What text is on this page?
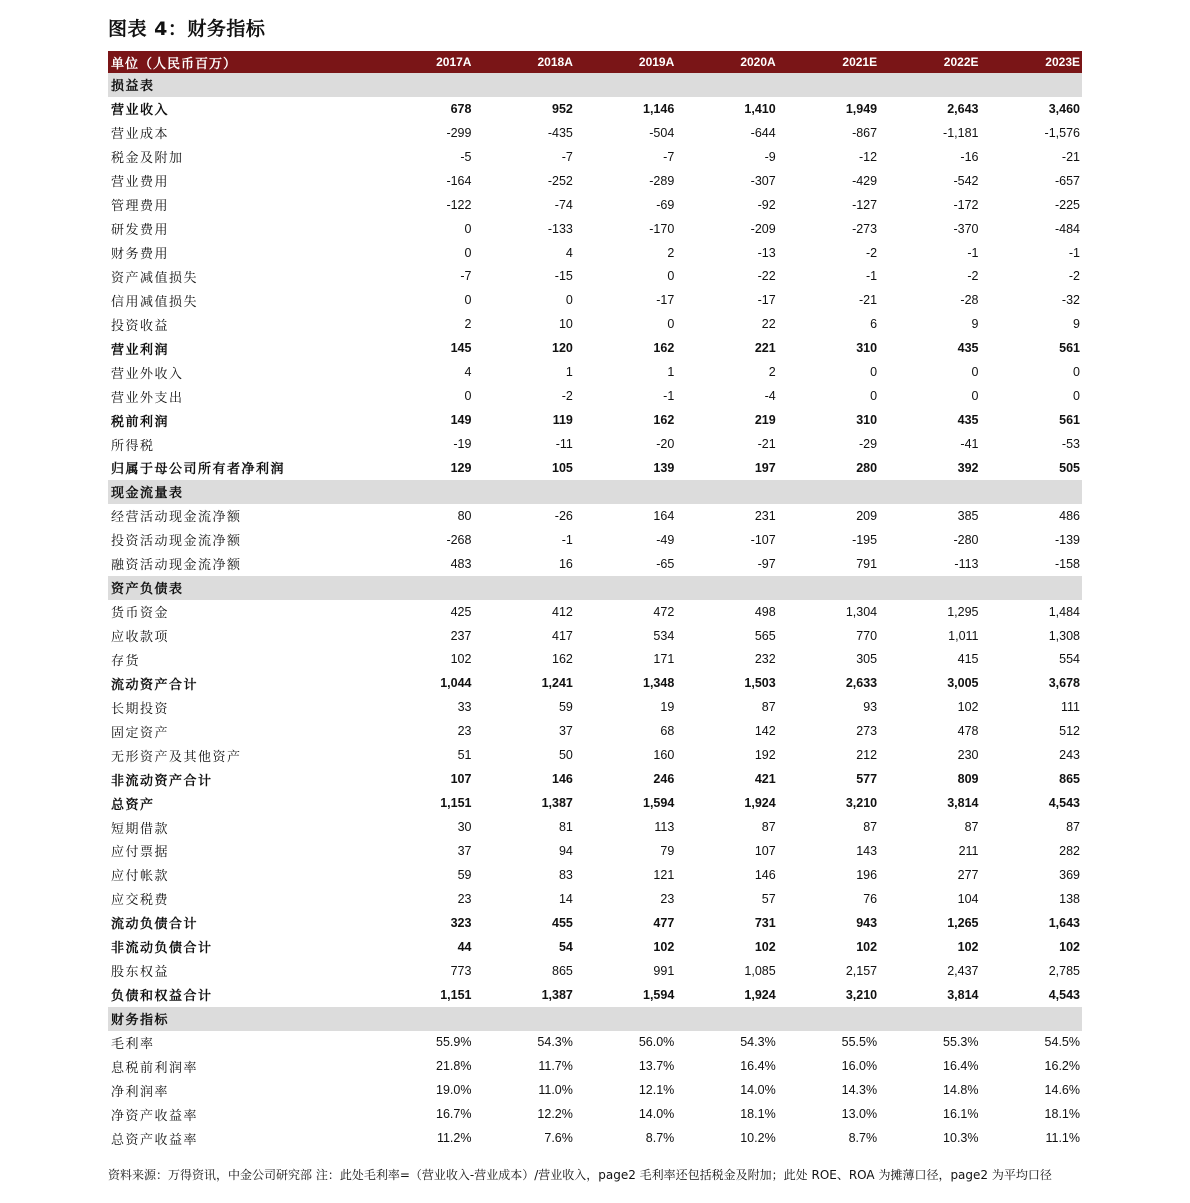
图表 4：财务指标
单位（人民币百万）	2017A	2018A	2019A	2020A	2021E	2022E	2023E
损益表							
营业收入	678	952	1,146	1,410	1,949	2,643	3,460
营业成本	-299	-435	-504	-644	-867	-1,181	-1,576
税金及附加	-5	-7	-7	-9	-12	-16	-21
营业费用	-164	-252	-289	-307	-429	-542	-657
管理费用	-122	-74	-69	-92	-127	-172	-225
研发费用	0	-133	-170	-209	-273	-370	-484
财务费用	0	4	2	-13	-2	-1	-1
资产减值损失	-7	-15	0	-22	-1	-2	-2
信用减值损失	0	0	-17	-17	-21	-28	-32
投资收益	2	10	0	22	6	9	9
营业利润	145	120	162	221	310	435	561
营业外收入	4	1	1	2	0	0	0
营业外支出	0	-2	-1	-4	0	0	0
税前利润	149	119	162	219	310	435	561
所得税	-19	-11	-20	-21	-29	-41	-53
归属于母公司所有者净利润	129	105	139	197	280	392	505
现金流量表							
经营活动现金流净额	80	-26	164	231	209	385	486
投资活动现金流净额	-268	-1	-49	-107	-195	-280	-139
融资活动现金流净额	483	16	-65	-97	791	-113	-158
资产负债表							
货币资金	425	412	472	498	1,304	1,295	1,484
应收款项	237	417	534	565	770	1,011	1,308
存货	102	162	171	232	305	415	554
流动资产合计	1,044	1,241	1,348	1,503	2,633	3,005	3,678
长期投资	33	59	19	87	93	102	111
固定资产	23	37	68	142	273	478	512
无形资产及其他资产	51	50	160	192	212	230	243
非流动资产合计	107	146	246	421	577	809	865
总资产	1,151	1,387	1,594	1,924	3,210	3,814	4,543
短期借款	30	81	113	87	87	87	87
应付票据	37	94	79	107	143	211	282
应付帐款	59	83	121	146	196	277	369
应交税费	23	14	23	57	76	104	138
流动负债合计	323	455	477	731	943	1,265	1,643
非流动负债合计	44	54	102	102	102	102	102
股东权益	773	865	991	1,085	2,157	2,437	2,785
负债和权益合计	1,151	1,387	1,594	1,924	3,210	3,814	4,543
财务指标							
毛利率	55.9%	54.3%	56.0%	54.3%	55.5%	55.3%	54.5%
息税前利润率	21.8%	11.7%	13.7%	16.4%	16.0%	16.4%	16.2%
净利润率	19.0%	11.0%	12.1%	14.0%	14.3%	14.8%	14.6%
净资产收益率	16.7%	12.2%	14.0%	18.1%	13.0%	16.1%	18.1%
总资产收益率	11.2%	7.6%	8.7%	10.2%	8.7%	10.3%	11.1%
资料来源：万得资讯，中金公司研究部 注：此处毛利率=（营业收入-营业成本）/营业收入，page2 毛利率还包括税金及附加；此处 ROE、ROA 为摊薄口径，page2 为平均口径
